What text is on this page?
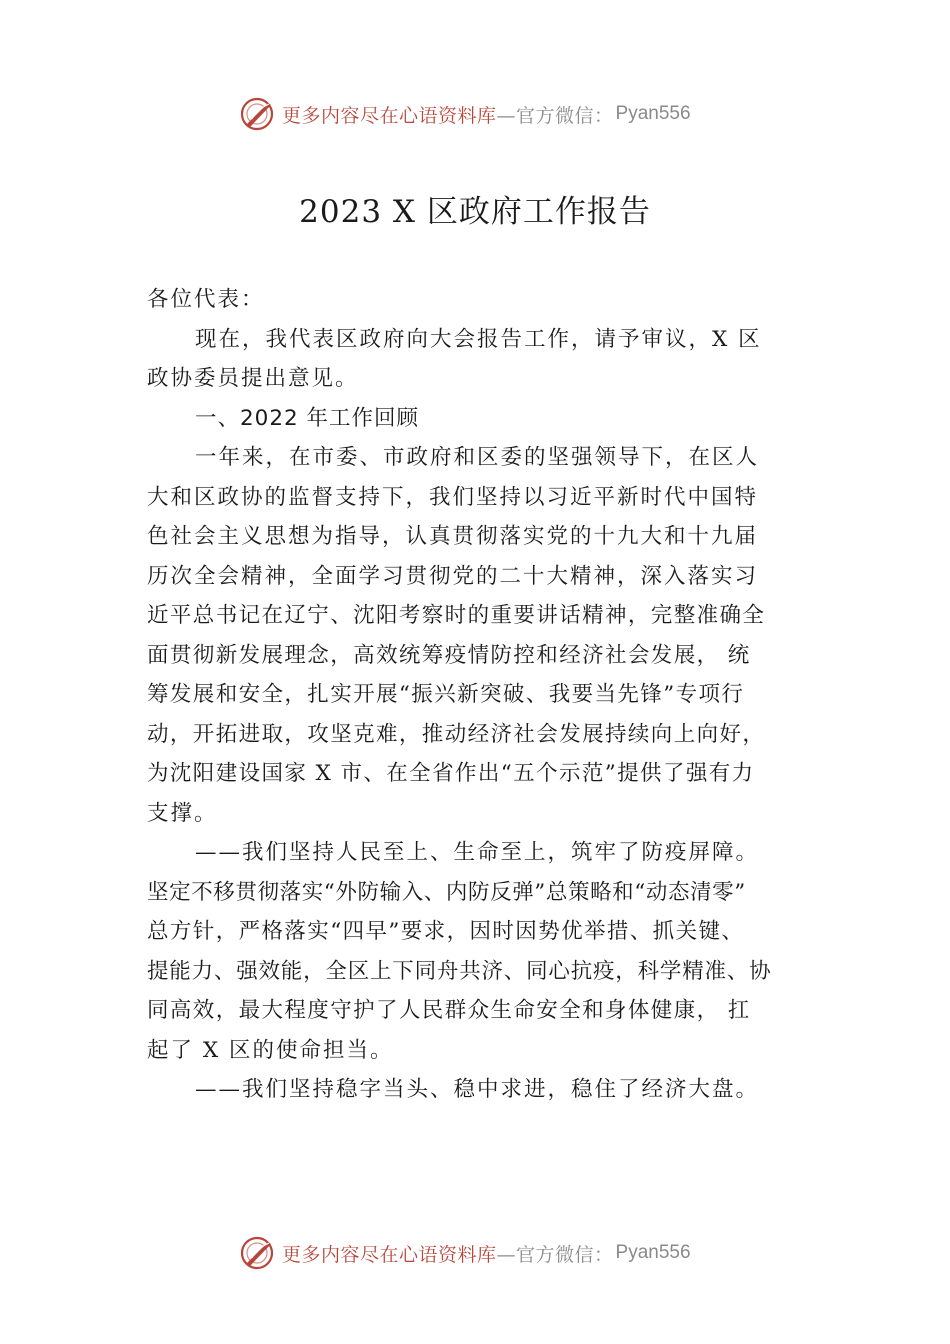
更多内容尽在心语资料库 —官方微信： Pyan556
2023 X 区政府工作报告
各位代表：
现在，我代表区政府向大会报告工作，请予审议，X 区
政协委员提出意见。
一、2022 年工作回顾
一年来，在市委、市政府和区委的坚强领导下，在区人
大和区政协的监督支持下，我们坚持以习近平新时代中国特
色社会主义思想为指导，认真贯彻落实党的十九大和十九届
历次全会精神，全面学习贯彻党的二十大精神，深入落实习
近平总书记在辽宁、沈阳考察时的重要讲话精神，完整准确全
面贯彻新发展理念，高效统筹疫情防控和经济社会发展， 统
筹发展和安全，扎实开展“振兴新突破、我要当先锋”专项行
动，开拓进取，攻坚克难，推动经济社会发展持续向上向好，
为沈阳建设国家 X 市、在全省作出“五个示范”提供了强有力
支撑。
——我们坚持人民至上、生命至上，筑牢了防疫屏障。
坚定不移贯彻落实“外防输入、内防反弹”总策略和“动态清零”
总方针，严格落实“四早”要求，因时因势优举措、抓关键、
提能力、强效能，全区上下同舟共济、同心抗疫，科学精准、协
同高效，最大程度守护了人民群众生命安全和身体健康， 扛
起了 X 区的使命担当。
——我们坚持稳字当头、稳中求进，稳住了经济大盘。
更多内容尽在心语资料库 —官方微信： Pyan556
